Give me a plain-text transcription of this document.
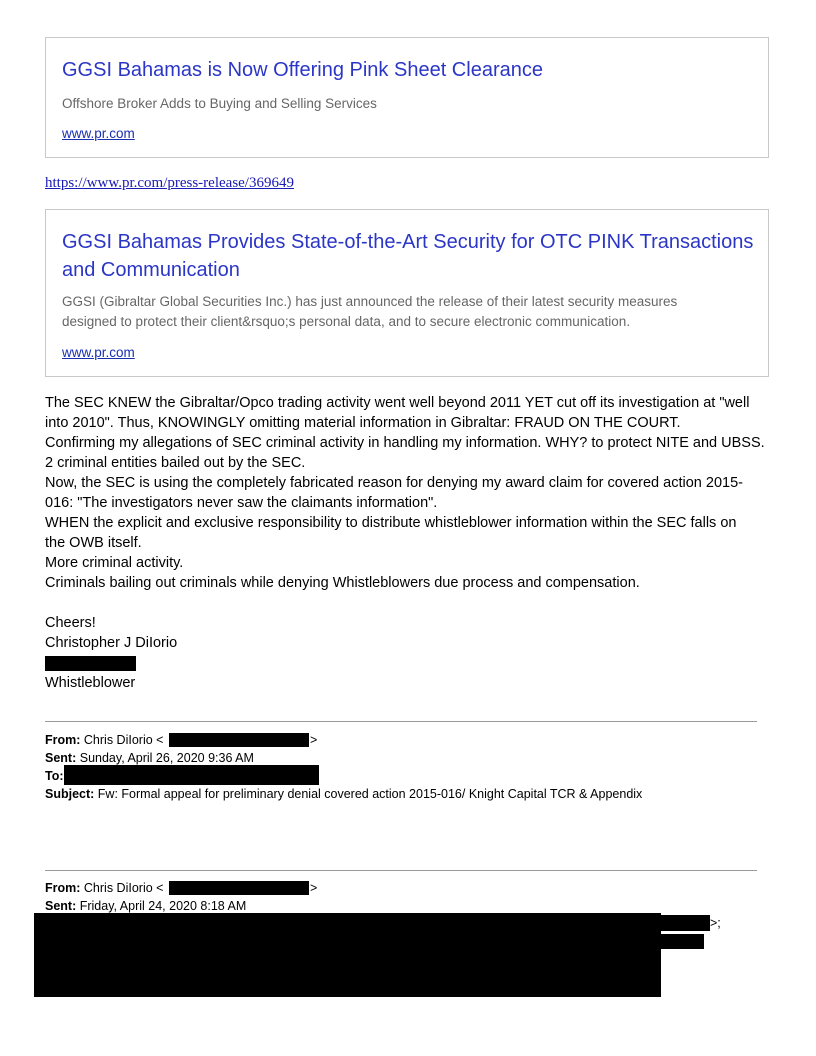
GGSI Bahamas is Now Offering Pink Sheet Clearance
Offshore Broker Adds to Buying and Selling Services
www.pr.com
https://www.pr.com/press-release/369649
GGSI Bahamas Provides State-of-the-Art Security for OTC PINK Transactions
and Communication
GGSI (Gibraltar Global Securities Inc.) has just announced the release of their latest security measures
designed to protect their client&rsquo;s personal data, and to secure electronic communication.
www.pr.com
The SEC KNEW the Gibraltar/Opco trading activity went well beyond 2011 YET cut off its investigation at "well
into 2010". Thus, KNOWINGLY omitting material information in Gibraltar: FRAUD ON THE COURT.
Confirming my allegations of SEC criminal activity in handling my information. WHY? to protect NITE and UBSS.
2 criminal entities bailed out by the SEC.
Now, the SEC is using the completely fabricated reason for denying my award claim for covered action 2015-
016: "The investigators never saw the claimants information".
WHEN the explicit and exclusive responsibility to distribute whistleblower information within the SEC falls on
the OWB itself.
More criminal activity.
Criminals bailing out criminals while denying Whistleblowers due process and compensation.
Cheers!
Christopher J DiIorio
Whistleblower
From: Chris DiIorio <	>
Sent: Sunday, April 26, 2020 9:36 AM
To:
Subject: Fw: Formal appeal for preliminary denial covered action 2015-016/ Knight Capital TCR & Appendix
From: Chris DiIorio <	>
Sent: Friday, April 24, 2020 8:18 AM
>;
